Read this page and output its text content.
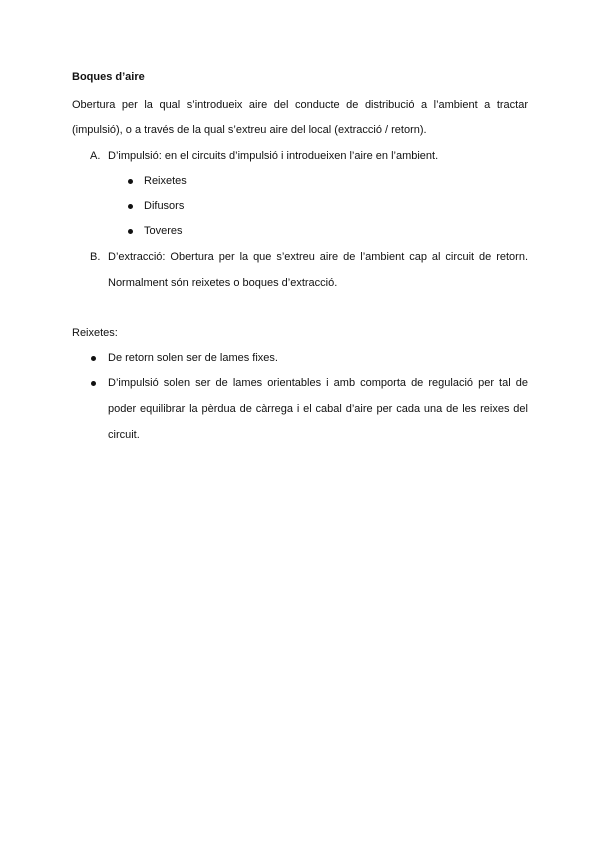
Boques d’aire
Obertura per la qual s’introdueix aire del conducte de distribució a l’ambient a tractar
(impulsió), o a través de la qual s’extreu aire del local (extracció / retorn).
A. D’impulsió: en el circuits d’impulsió i introdueixen l’aire en l’ambient.
Reixetes
Difusors
Toveres
B. D’extracció: Obertura per la que s’extreu aire de l’ambient cap al circuit de retorn.
Normalment són reixetes o boques d’extracció.
Reixetes:
De retorn solen ser de lames fixes.
D’impulsió solen ser de lames orientables i amb comporta de regulació per tal de
poder equilibrar la pèrdua de càrrega i el cabal d’aire per cada una de les reixes del
circuit.
